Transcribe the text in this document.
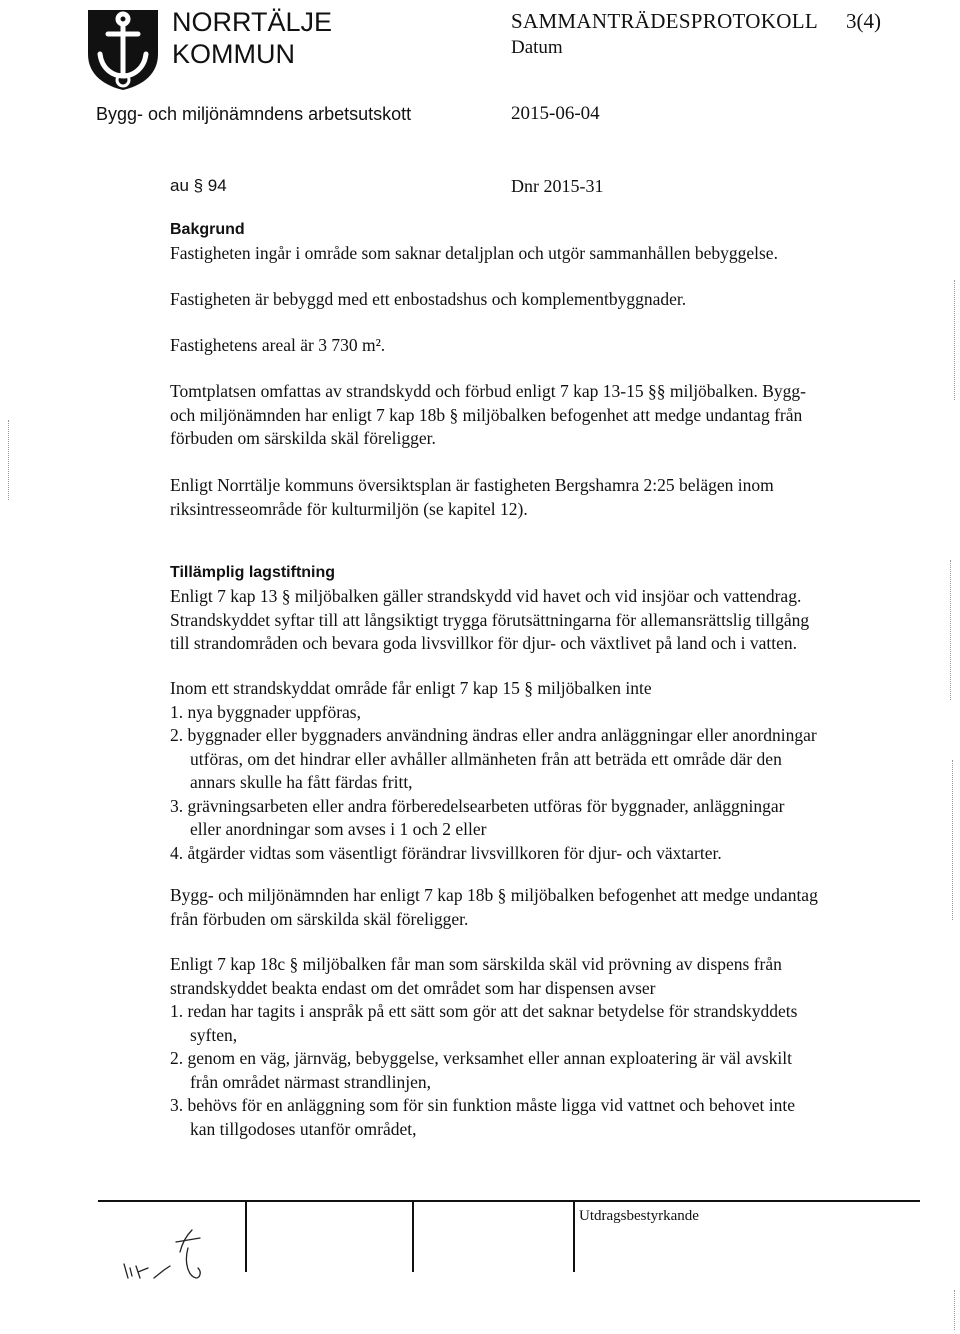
NORRTÄLJE
KOMMUN
SAMMANTRÄDESPROTOKOLL 3(4)
Datum
Bygg- och miljönämndens arbetsutskott	2015-06-04
au § 94	Dnr 2015-31
Bakgrund
Fastigheten ingår i område som saknar detaljplan och utgör sammanhållen bebyggelse.
Fastigheten är bebyggd med ett enbostadshus och komplementbyggnader.
Fastighetens areal är 3 730 m².
Tomtplatsen omfattas av strandskydd och förbud enligt 7 kap 13-15 §§ miljöbalken. Bygg-
och miljönämnden har enligt 7 kap 18b § miljöbalken befogenhet att medge undantag från
förbuden om särskilda skäl föreligger.
Enligt Norrtälje kommuns översiktsplan är fastigheten Bergshamra 2:25 belägen inom
riksintresseområde för kulturmiljön (se kapitel 12).
Tillämplig lagstiftning
Enligt 7 kap 13 § miljöbalken gäller strandskydd vid havet och vid insjöar och vattendrag.
Strandskyddet syftar till att långsiktigt trygga förutsättningarna för allemansrättslig tillgång
till strandområden och bevara goda livsvillkor för djur- och växtlivet på land och i vatten.
Inom ett strandskyddat område får enligt 7 kap 15 § miljöbalken inte
1. nya byggnader uppföras,
2. byggnader eller byggnaders användning ändras eller andra anläggningar eller anordningar
utföras, om det hindrar eller avhåller allmänheten från att beträda ett område där den
annars skulle ha fått färdas fritt,
3. grävningsarbeten eller andra förberedelsearbeten utföras för byggnader, anläggningar
eller anordningar som avses i 1 och 2 eller
4. åtgärder vidtas som väsentligt förändrar livsvillkoren för djur- och växtarter.
Bygg- och miljönämnden har enligt 7 kap 18b § miljöbalken befogenhet att medge undantag
från förbuden om särskilda skäl föreligger.
Enligt 7 kap 18c § miljöbalken får man som särskilda skäl vid prövning av dispens från
strandskyddet beakta endast om det området som har dispensen avser
1. redan har tagits i anspråk på ett sätt som gör att det saknar betydelse för strandskyddets
syften,
2. genom en väg, järnväg, bebyggelse, verksamhet eller annan exploatering är väl avskilt
från området närmast strandlinjen,
3. behövs för en anläggning som för sin funktion måste ligga vid vattnet och behovet inte
kan tillgodoses utanför området,
Utdragsbestyrkande
